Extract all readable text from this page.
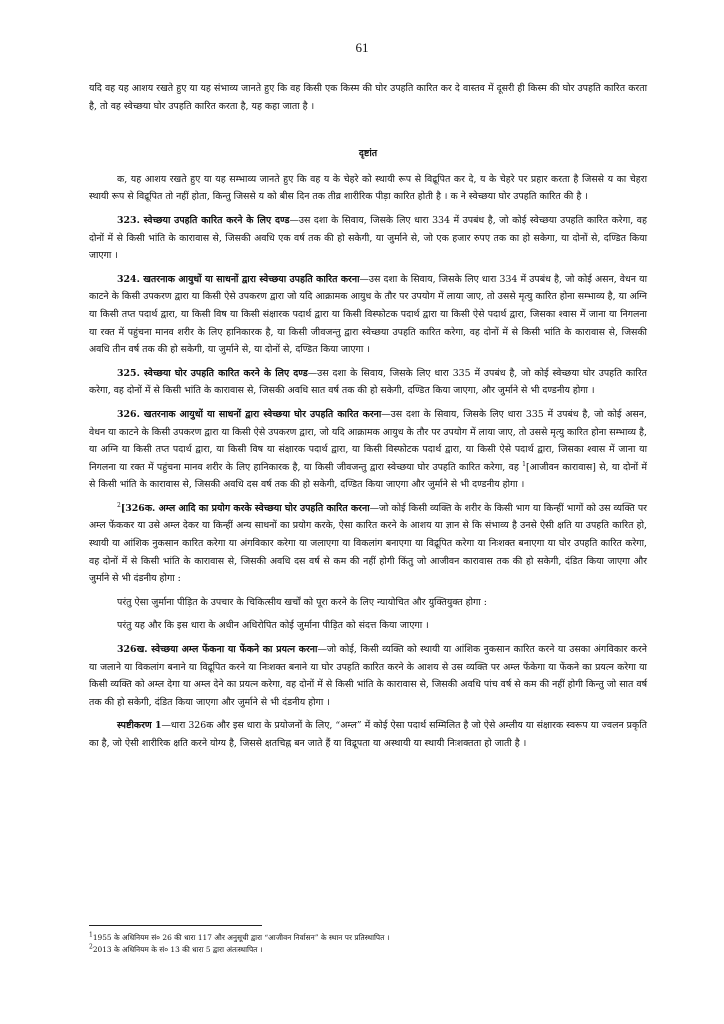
61

यदि वह यह आशय रखते हुए या यह संभाव्य जानते हुए कि वह किसी एक किस्म की घोर उपहति कारित कर दे वास्तव में दूसरी ही किस्म की घोर उपहति कारित करता है, तो वह स्वेच्छया घोर उपहति कारित करता है, यह कहा जाता है ।

दृष्टांत

क, यह आशय रखते हुए या यह सम्भाव्य जानते हुए कि वह य के चेहरे को स्थायी रूप से विद्रूपित कर दे, य के चेहरे पर प्रहार करता है जिससे य का चेहरा स्थायी रूप से विद्रूपित तो नहीं होता, किन्तु जिससे य को बीस दिन तक तीव्र शारीरिक पीड़ा कारित होती है । क ने स्वेच्छया घोर उपहति कारित की है ।

323. स्वेच्छया उपहति कारित करने के लिए दण्ड—उस दशा के सिवाय, जिसके लिए धारा 334 में उपबंध है, जो कोई स्वेच्छया उपहति कारित करेगा, वह दोनों में से किसी भांति के कारावास से, जिसकी अवधि एक वर्ष तक की हो सकेगी, या जुर्माने से, जो एक हजार रुपए तक का हो सकेगा, या दोनों से, दण्डित किया जाएगा ।

324. खतरनाक आयुधों या साधनों द्वारा स्वेच्छया उपहति कारित करना—उस दशा के सिवाय, जिसके लिए धारा 334 में उपबंध है, जो कोई असन, वेधन या काटने के किसी उपकरण द्वारा या किसी ऐसे उपकरण द्वारा जो यदि आक्रामक आयुध के तौर पर उपयोग में लाया जाए, तो उससे मृत्यु कारित होना सम्भाव्य है, या अग्नि या किसी तप्त पदार्थ द्वारा, या किसी विष या किसी संक्षारक पदार्थ द्वारा या किसी विस्फोटक पदार्थ द्वारा या किसी ऐसे पदार्थ द्वारा, जिसका श्वास में जाना या निगलना या रक्त में पहुंचना मानव शरीर के लिए हानिकारक है, या किसी जीवजन्तु द्वारा स्वेच्छया उपहति कारित करेगा, वह दोनों में से किसी भांति के कारावास से, जिसकी अवधि तीन वर्ष तक की हो सकेगी, या जुर्माने से, या दोनों से, दण्डित किया जाएगा ।

325. स्वेच्छया घोर उपहति कारित करने के लिए दण्ड—उस दशा के सिवाय, जिसके लिए धारा 335 में उपबंध है, जो कोई स्वेच्छया घोर उपहति कारित करेगा, वह दोनों में से किसी भांति के कारावास से, जिसकी अवधि सात वर्ष तक की हो सकेगी, दण्डित किया जाएगा, और जुर्माने से भी दण्डनीय होगा ।

326. खतरनाक आयुधों या साधनों द्वारा स्वेच्छया घोर उपहति कारित करना—उस दशा के सिवाय, जिसके लिए धारा 335 में उपबंध है, जो कोई असन, वेधन या काटने के किसी उपकरण द्वारा या किसी ऐसे उपकरण द्वारा, जो यदि आक्रामक आयुध के तौर पर उपयोग में लाया जाए, तो उससे मृत्यु कारित होना सम्भाव्य है, या अग्नि या किसी तप्त पदार्थ द्वारा, या किसी विष या संक्षारक पदार्थ द्वारा, या किसी विस्फोटक पदार्थ द्वारा, या किसी ऐसे पदार्थ द्वारा, जिसका श्वास में जाना या निगलना या रक्त में पहुंचना मानव शरीर के लिए हानिकारक है, या किसी जीवजन्तु द्वारा स्वेच्छया घोर उपहति कारित करेगा, वह $^1$[आजीवन कारावास] से, या दोनों में से किसी भांति के कारावास से, जिसकी अवधि दस वर्ष तक की हो सकेगी, दण्डित किया जाएगा और जुर्माने से भी दण्डनीय होगा ।

$^2$[326क. अम्ल आदि का प्रयोग करके स्वेच्छया घोर उपहति कारित करना—जो कोई किसी व्यक्ति के शरीर के किसी भाग या किन्हीं भागों को उस व्यक्ति पर अम्ल फेंककर या उसे अम्ल देकर या किन्हीं अन्य साधनों का प्रयोग करके, ऐसा कारित करने के आशय या ज्ञान से कि संभाव्य है उनसे ऐसी क्षति या उपहति कारित हो, स्थायी या आंशिक नुकसान कारित करेगा या अंगविकार करेगा या जलाएगा या विकलांग बनाएगा या विद्रूपित करेगा या निःशक्त बनाएगा या घोर उपहति कारित करेगा, वह दोनों में से किसी भांति के कारावास से, जिसकी अवधि दस वर्ष से कम की नहीं होगी किंतु जो आजीवन कारावास तक की हो सकेगी, दंडित किया जाएगा और जुर्माने से भी दंडनीय होगा :

परंतु ऐसा जुर्माना पीड़ित के उपचार के चिकित्सीय खर्चों को पूरा करने के लिए न्यायोचित और युक्तियुक्त होगा :

परंतु यह और कि इस धारा के अधीन अधिरोपित कोई जुर्माना पीड़ित को संदत्त किया जाएगा ।

326ख. स्वेच्छया अम्ल फेंकना या फेंकने का प्रयत्न करना—जो कोई, किसी व्यक्ति को स्थायी या आंशिक नुकसान कारित करने या उसका अंगविकार करने या जलाने या विकलांग बनाने या विद्रूपित करने या निःशक्त बनाने या घोर उपहति कारित करने के आशय से उस व्यक्ति पर अम्ल फेंकेगा या फेंकने का प्रयत्न करेगा या किसी व्यक्ति को अम्ल देगा या अम्ल देने का प्रयत्न करेगा, वह दोनों में से किसी भांति के कारावास से, जिसकी अवधि पांच वर्ष से कम की नहीं होगी किन्तु जो सात वर्ष तक की हो सकेगी, दंडित किया जाएगा और जुर्माने से भी दंडनीय होगा ।

स्पष्टीकरण 1—धारा 326क और इस धारा के प्रयोजनों के लिए, “अम्ल” में कोई ऐसा पदार्थ सम्मिलित है जो ऐसे अम्लीय या संक्षारक स्वरूप या ज्वलन प्रकृति का है, जो ऐसी शारीरिक क्षति करने योग्य है, जिससे क्षतचिह्न बन जाते हैं या विद्रूपता या अस्थायी या स्थायी निःशक्तता हो जाती है ।

$^1$1955 के अधिनियम सं० 26 की धारा 117 और अनुसूची द्वारा “आजीवन निर्वासन” के स्थान पर प्रतिस्थापित ।
$^2$2013 के अधिनियम के सं० 13 की धारा 5 द्वारा अंतःस्थापित ।
